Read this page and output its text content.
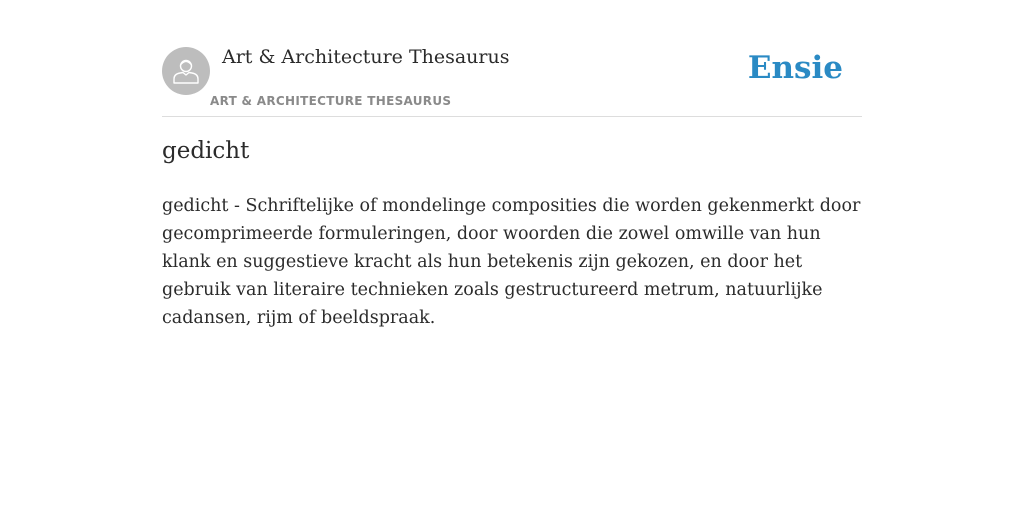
Art & Architecture Thesaurus
ART & ARCHITECTURE THESAURUS
Ensie
gedicht

gedicht - Schriftelijke of mondelinge composities die worden gekenmerkt door gecomprimeerde formuleringen, door woorden die zowel omwille van hun klank en suggestieve kracht als hun betekenis zijn gekozen, en door het gebruik van literaire technieken zoals gestructureerd metrum, natuurlijke cadansen, rijm of beeldspraak.
